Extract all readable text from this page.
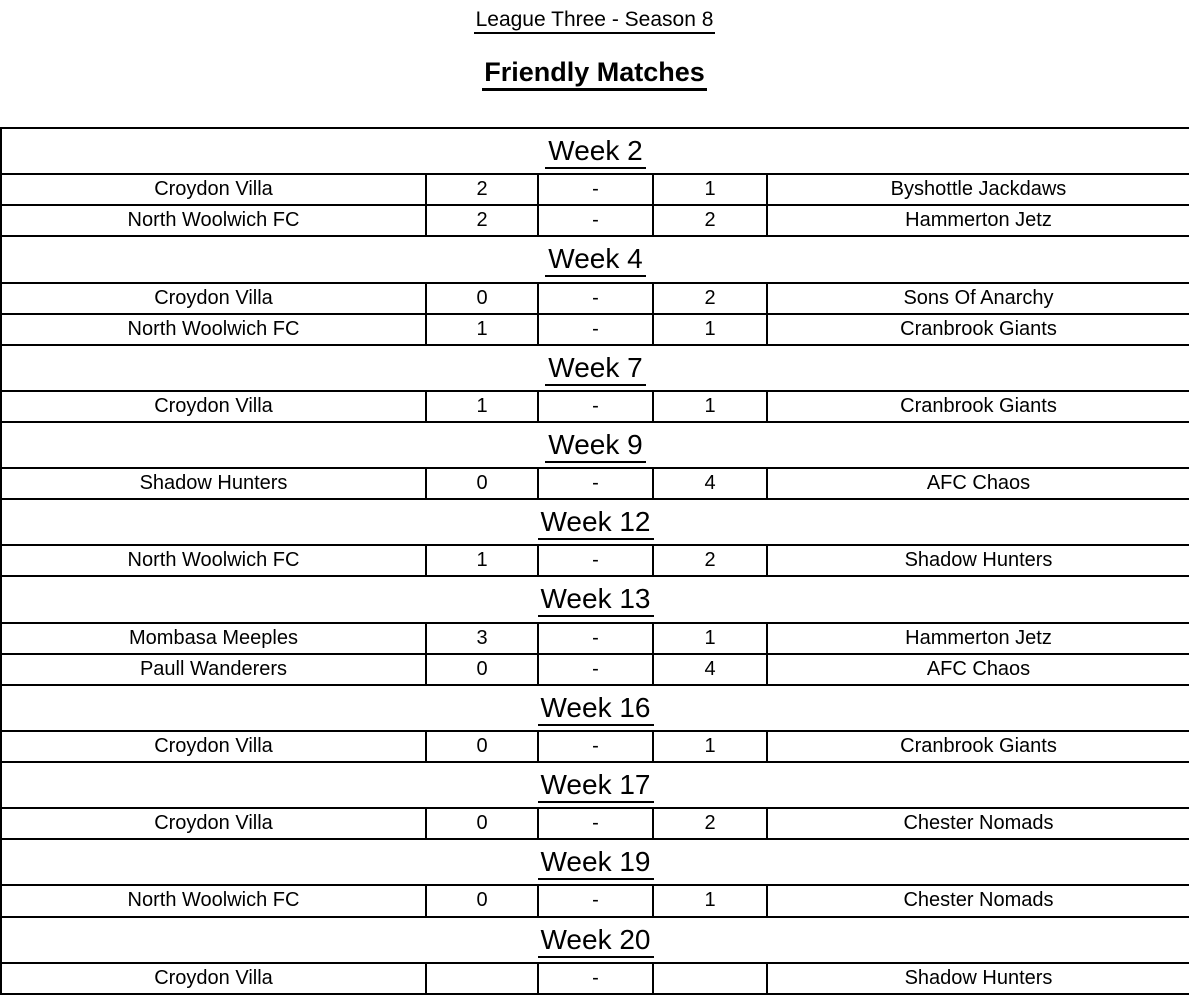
League Three - Season 8
Friendly Matches
Week 2				
Croydon Villa	2	-	1	Byshottle Jackdaws
North Woolwich FC	2	-	2	Hammerton Jetz
Week 4				
Croydon Villa	0	-	2	Sons Of Anarchy
North Woolwich FC	1	-	1	Cranbrook Giants
Week 7				
Croydon Villa	1	-	1	Cranbrook Giants
Week 9				
Shadow Hunters	0	-	4	AFC Chaos
Week 12				
North Woolwich FC	1	-	2	Shadow Hunters
Week 13				
Mombasa Meeples	3	-	1	Hammerton Jetz
Paull Wanderers	0	-	4	AFC Chaos
Week 16				
Croydon Villa	0	-	1	Cranbrook Giants
Week 17				
Croydon Villa	0	-	2	Chester Nomads
Week 19				
North Woolwich FC	0	-	1	Chester Nomads
Week 20				
Croydon Villa		-		Shadow Hunters
